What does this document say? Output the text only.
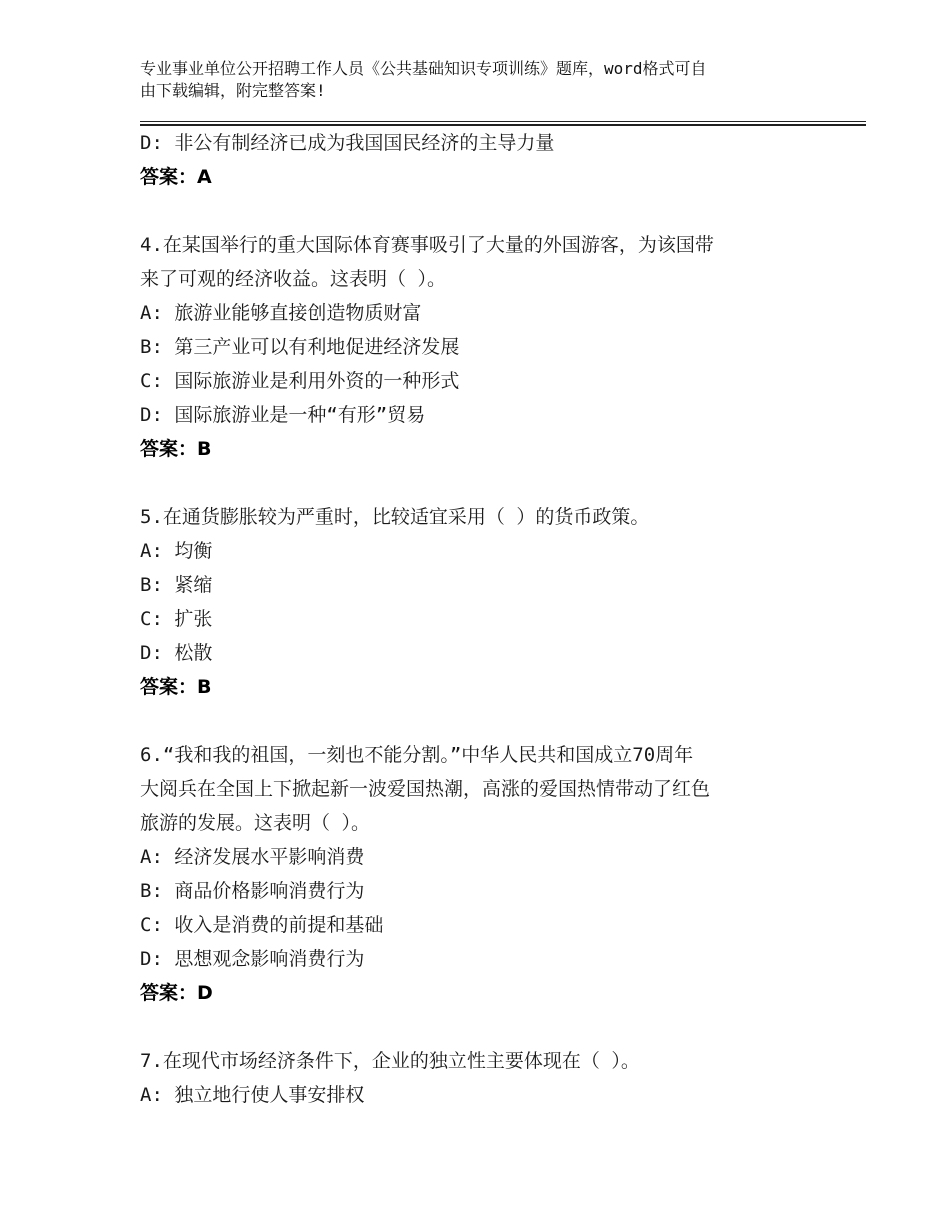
专业事业单位公开招聘工作人员《公共基础知识专项训练》题库，word格式可自
由下载编辑，附完整答案!
D: 非公有制经济已成为我国国民经济的主导力量
答案：A
4.在某国举行的重大国际体育赛事吸引了大量的外国游客，为该国带
来了可观的经济收益。这表明（ ）。
A: 旅游业能够直接创造物质财富
B: 第三产业可以有利地促进经济发展
C: 国际旅游业是利用外资的一种形式
D: 国际旅游业是一种“有形”贸易
答案：B
5.在通货膨胀较为严重时，比较适宜采用（ ）的货币政策。
A: 均衡
B: 紧缩
C: 扩张
D: 松散
答案：B
6.“我和我的祖国，一刻也不能分割。”中华人民共和国成立70周年
大阅兵在全国上下掀起新一波爱国热潮，高涨的爱国热情带动了红色
旅游的发展。这表明（ ）。
A: 经济发展水平影响消费
B: 商品价格影响消费行为
C: 收入是消费的前提和基础
D: 思想观念影响消费行为
答案：D
7.在现代市场经济条件下，企业的独立性主要体现在（ ）。
A: 独立地行使人事安排权
